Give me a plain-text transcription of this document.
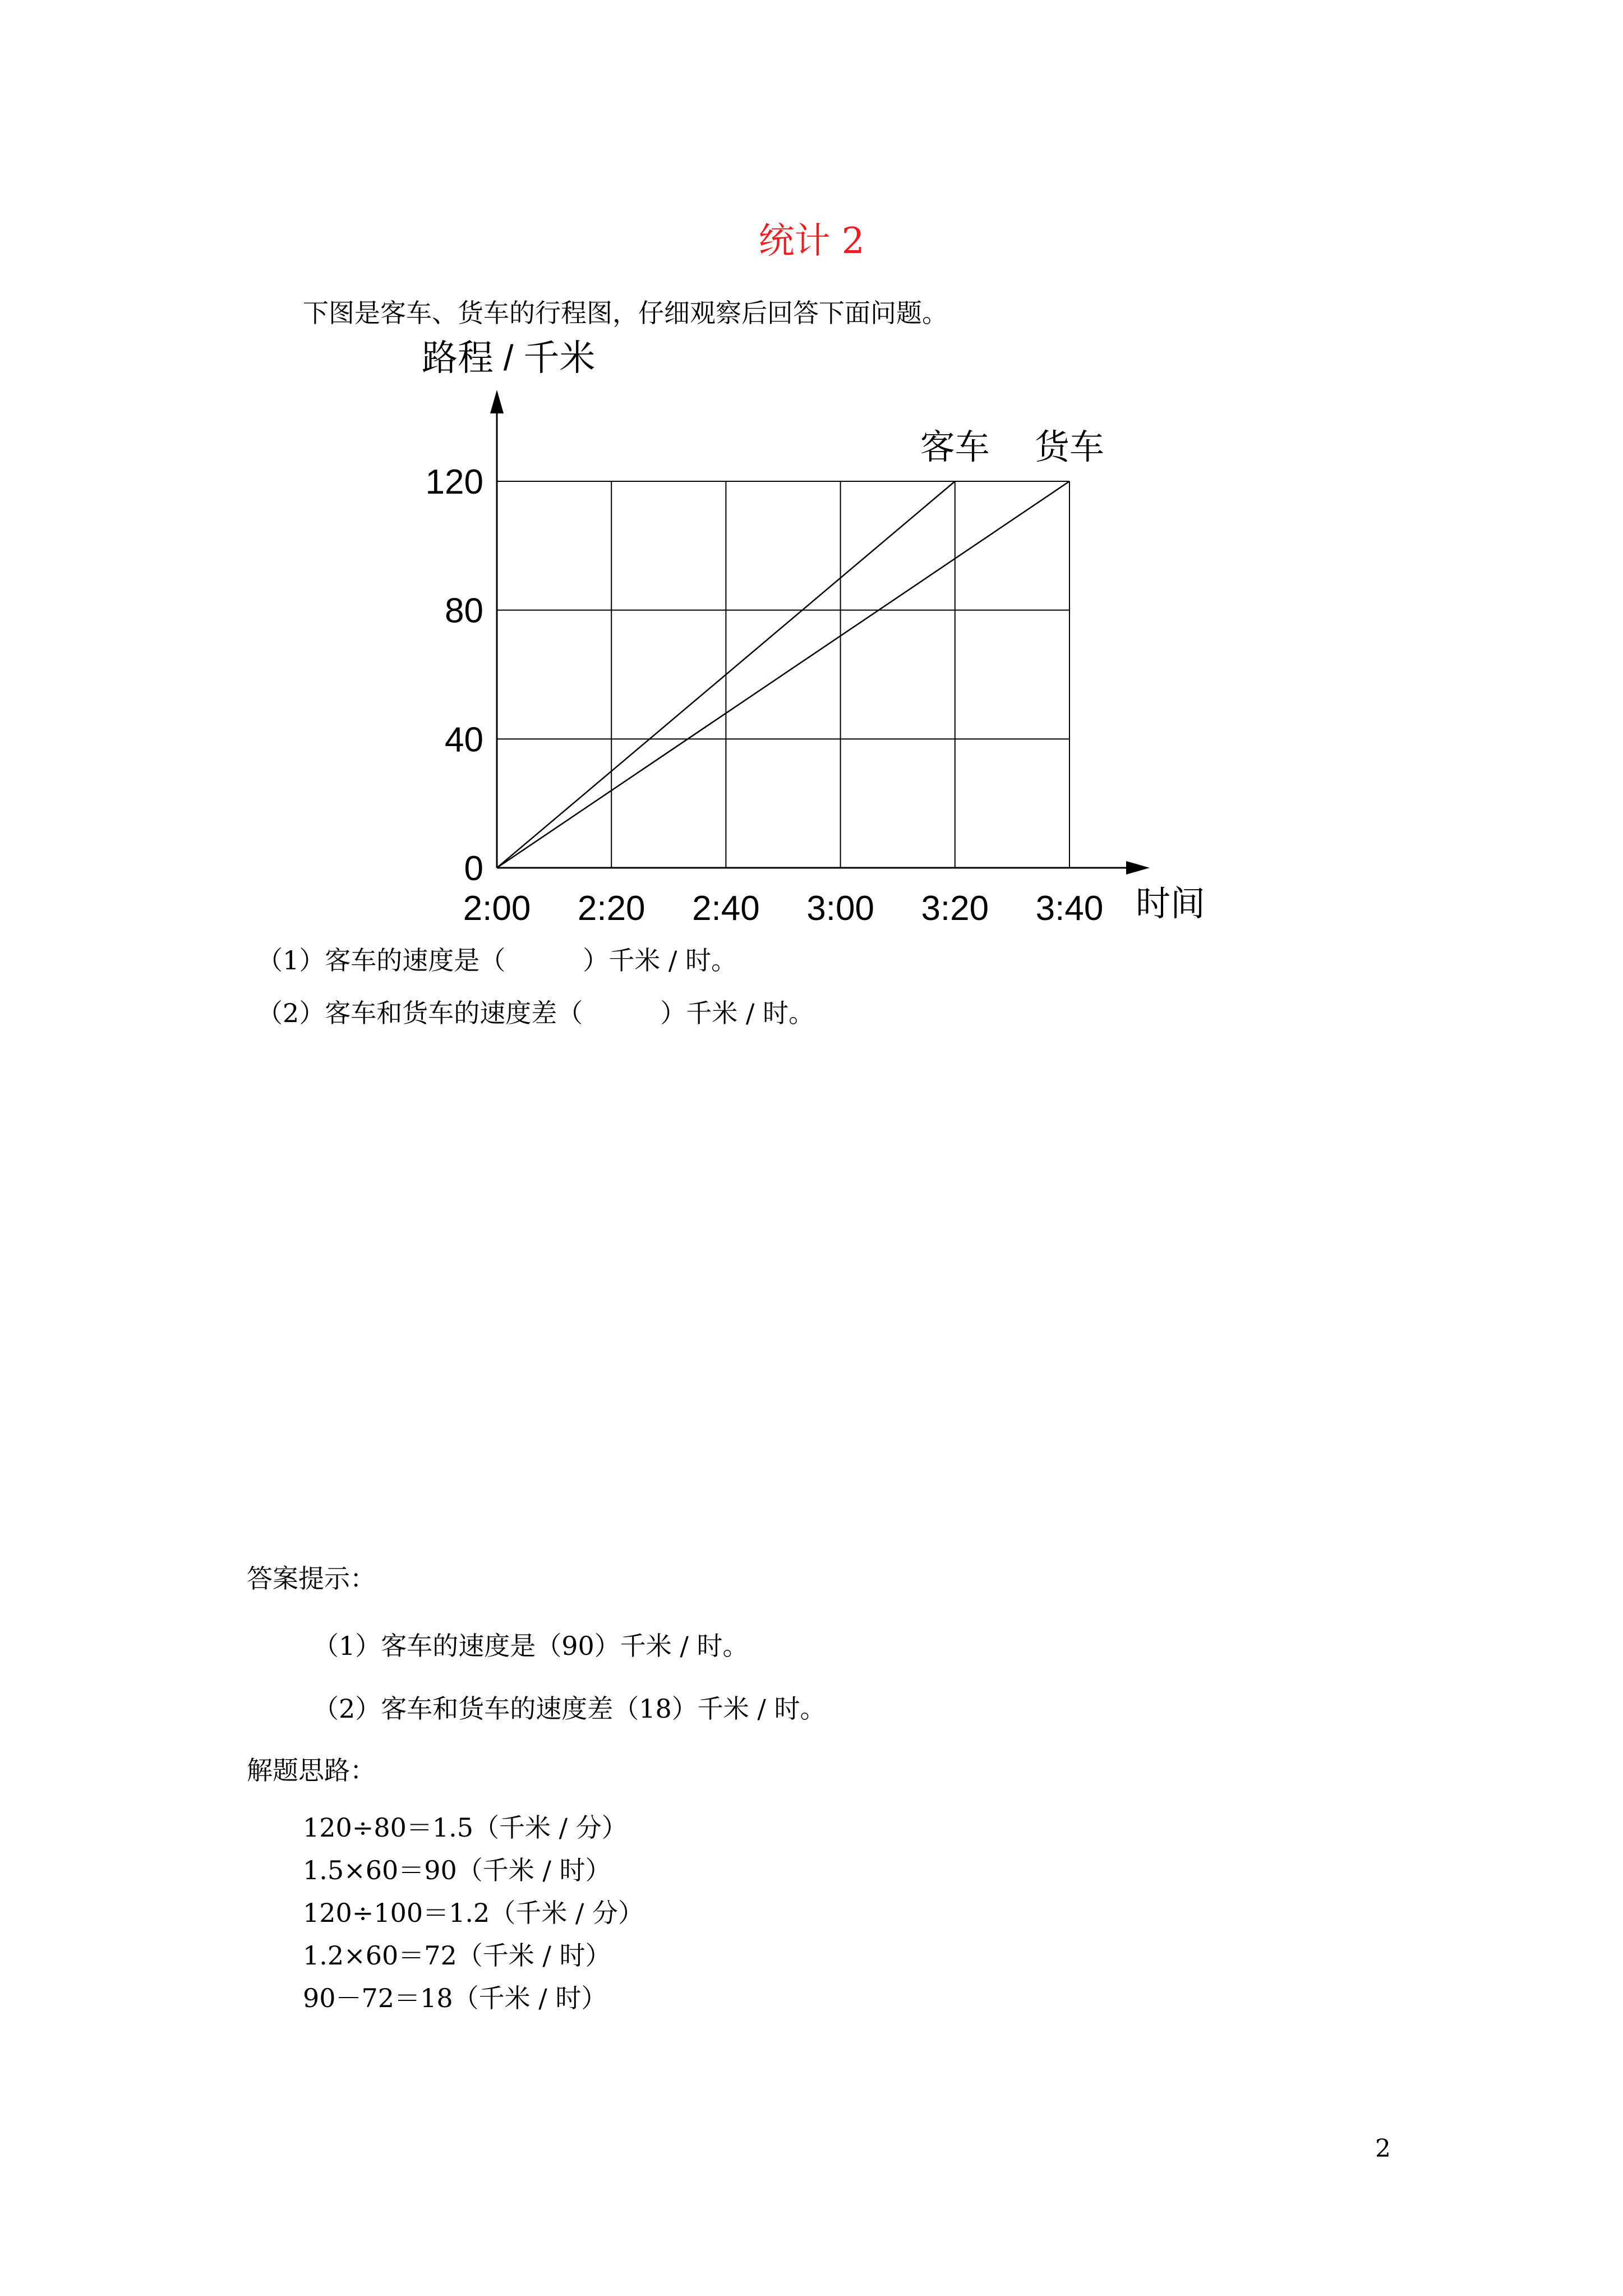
统计 2
下图是客车、货车的行程图，仔细观察后回答下面问题。
2:00 2:20 2:40 3:00 3:20 3:40
0
40
80
120
路程 / 千米
时间
客车 货车
（1）客车的速度是（　　　）千米 / 时。
（2）客车和货车的速度差（　　　）千米 / 时。
答案提示：
（1）客车的速度是（90）千米 / 时。
（2）客车和货车的速度差（18）千米 / 时。
解题思路：
120÷80＝1.5（千米 / 分）
1.5×60＝90（千米 / 时）
120÷100＝1.2（千米 / 分）
1.2×60＝72（千米 / 时）
90－72＝18（千米 / 时）
2
